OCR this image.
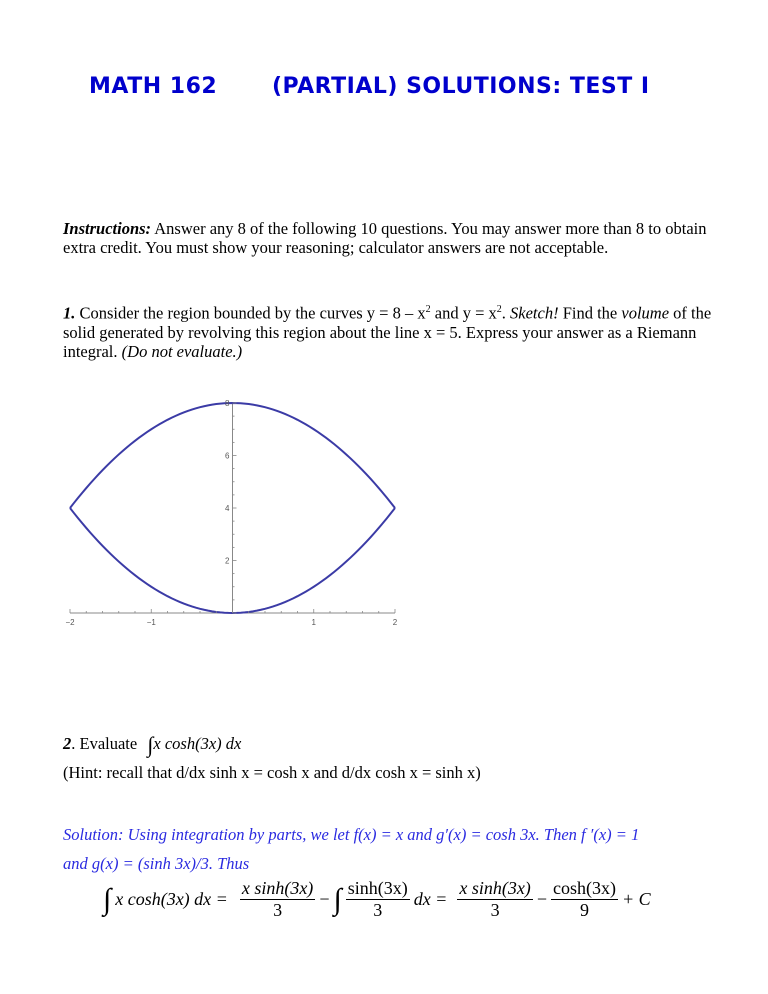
MATH 162 (PARTIAL) SOLUTIONS: TEST I
Instructions: Answer any 8 of the following 10 questions. You may answer more than 8 to obtain extra credit. You must show your reasoning; calculator answers are not acceptable.
1. Consider the region bounded by the curves $y = 8 - x^2$ and $y = x^2$. Sketch! Find the volume of the solid generated by revolving this region about the line x = 5. Express your answer as a Riemann integral. (Do not evaluate.)
−2	−1	1	2
2
4
6
8
2. Evaluate ∫x cosh(3x) dx
(Hint: recall that d/dx sinh x = cosh x and d/dx cosh x = sinh x)
Solution: Using integration by parts, we let f(x) = x and g′(x) = cosh 3x. Then f ′(x) = 1
and g(x) = (sinh 3x)/3. Thus
∫ x cosh(3x) dx = $\frac{\text{x sinh(3x)}}{3}$ − ∫ $\frac{\sinh(3x)}{3}$ dx = $\frac{\text{x sinh(3x)}}{3} - \frac{\cosh(3x)}{9} + C$
